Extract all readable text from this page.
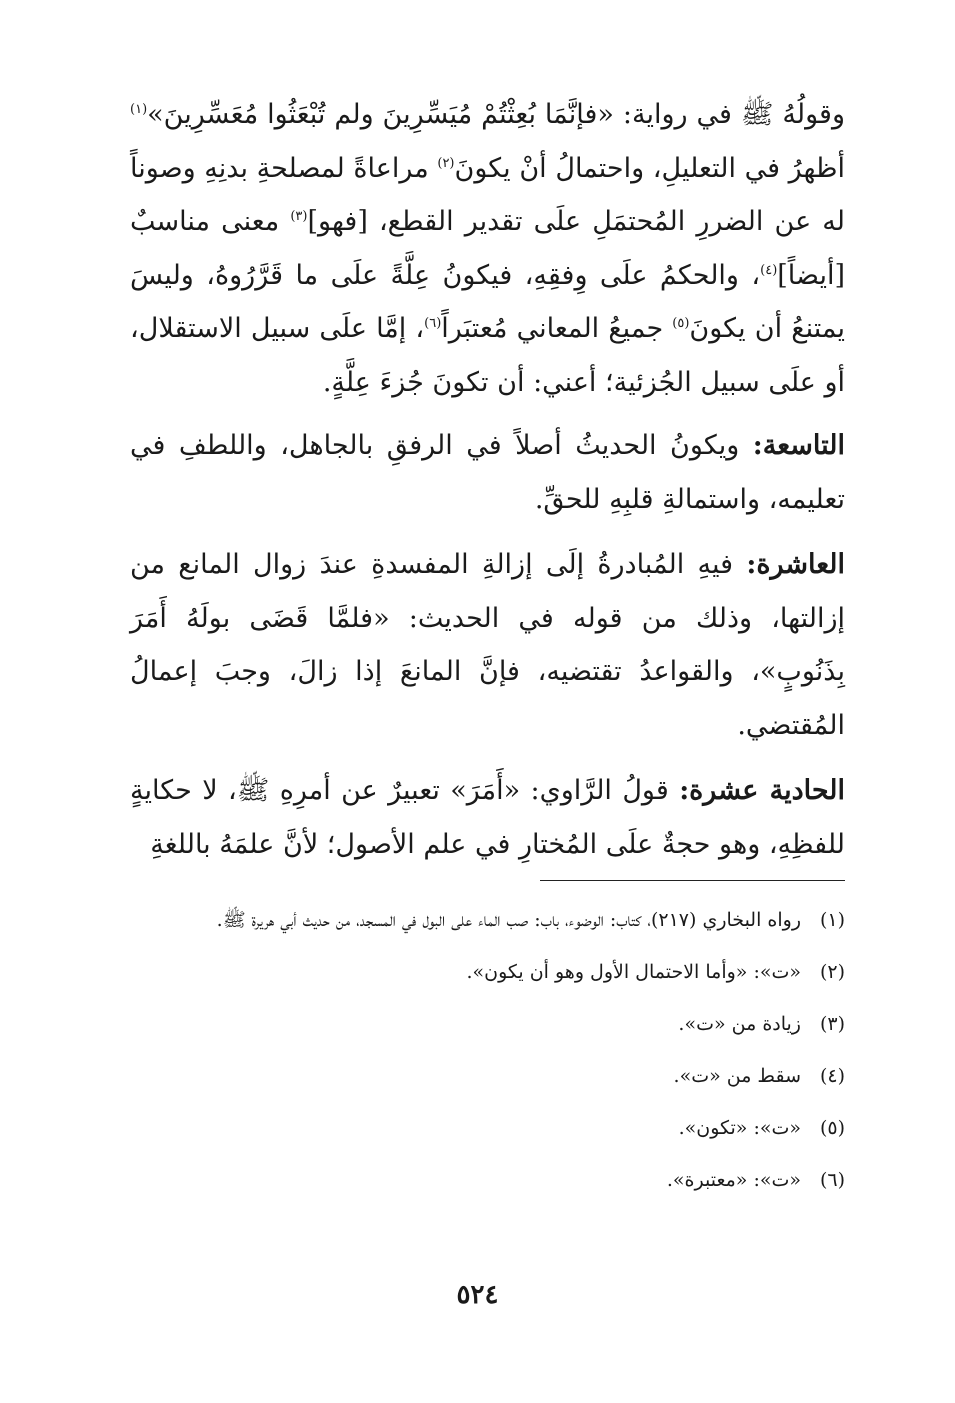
وقولُهُ ﷺ في رواية: «فإنَّمَا بُعِثْتُمْ مُيَسِّرِينَ ولم تُبْعَثُوا مُعَسِّرِينَ»$^{(١)}$ أظهرُ في التعليلِ، واحتمالُ أنْ يكونَ$^{(٢)}$ مراعاةً لمصلحةِ بدنِهِ وصوناً له عن الضررِ المُحتمَلِ علَى تقدير القطع، [فهو]$^{(٣)}$ معنى مناسبٌ [أيضاً]$^{(٤)}$، والحكمُ علَى وِفقِهِ، فيكونُ عِلَّةً علَى ما قَرَّرُوهُ، وليسَ يمتنعُ أن يكونَ$^{(٥)}$ جميعُ المعاني مُعتبَراً$^{(٦)}$، إمَّا علَى سبيل الاستقلال، أو علَى سبيل الجُزئية؛ أعني: أن تكونَ جُزءَ عِلَّةٍ.

التاسعة: ويكونُ الحديثُ أصلاً في الرفقِ بالجاهل، واللطفِ في تعليمه، واستمالةِ قلبِهِ للحقِّ.

العاشرة: فيهِ المُبادرةُ إلَى إزالةِ المفسدةِ عندَ زوال المانع من إزالتها، وذلك من قوله في الحديث: «فلمَّا قَضَى بولَهُ أَمَرَ بِذَنُوبٍ»، والقواعدُ تقتضيه، فإنَّ المانعَ إذا زالَ، وجبَ إعمالُ المُقتضي.

الحادية عشرة: قولُ الرَّاوي: «أَمَرَ» تعبيرٌ عن أمرِهِ ﷺ، لا حكايةٍ للفظِهِ، وهو حجةٌ علَى المُختارِ في علم الأصول؛ لأنَّ علمَهُ باللغةِ

(١)
رواه البخاري (٢١٧)، كتاب: الوضوء، باب: صب الماء على البول في المسجد، من حديث أبي هريرة ﷺ.
(٢)
«ت»: «وأما الاحتمال الأول وهو أن يكون».
(٣)
زيادة من «ت».
(٤)
سقط من «ت».
(٥)
«ت»: «تكون».
(٦)
«ت»: «معتبرة».
٥٢٤
